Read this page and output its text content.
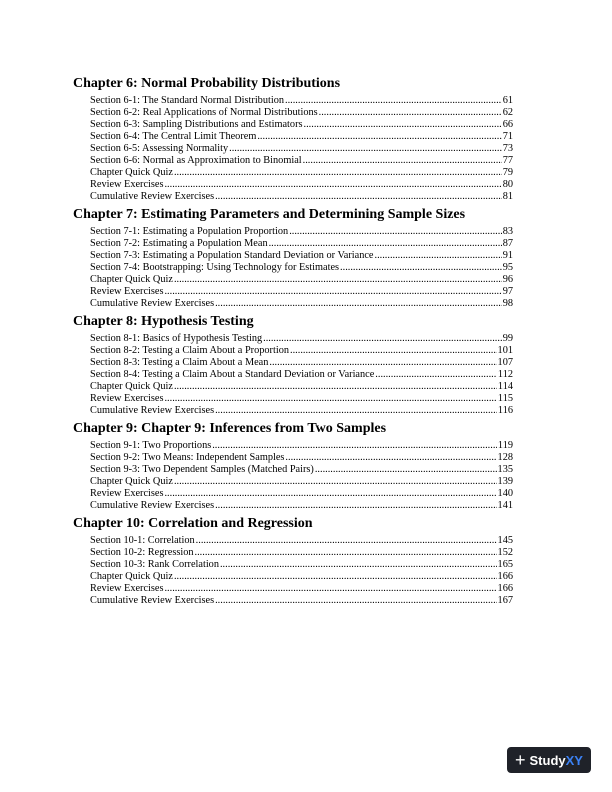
Chapter 6: Normal Probability Distributions
Section 6-1: The Standard Normal Distribution .....	61
Section 6-2: Real Applications of Normal Distributions .....	62
Section 6-3: Sampling Distributions and Estimators .....	66
Section 6-4: The Central Limit Theorem .....	71
Section 6-5: Assessing Normality .....	73
Section 6-6: Normal as Approximation to Binomial .....	77
Chapter Quick Quiz .....	79
Review Exercises .....	80
Cumulative Review Exercises .....	81
Chapter 7: Estimating Parameters and Determining Sample Sizes
Section 7-1: Estimating a Population Proportion .....	83
Section 7-2: Estimating a Population Mean .....	87
Section 7-3: Estimating a Population Standard Deviation or Variance .....	91
Section 7-4: Bootstrapping: Using Technology for Estimates .....	95
Chapter Quick Quiz .....	96
Review Exercises .....	97
Cumulative Review Exercises .....	98
Chapter 8: Hypothesis Testing
Section 8-1: Basics of Hypothesis Testing .....	99
Section 8-2: Testing a Claim About a Proportion .....	101
Section 8-3: Testing a Claim About a Mean .....	107
Section 8-4: Testing a Claim About a Standard Deviation or Variance .....	112
Chapter Quick Quiz .....	114
Review Exercises .....	115
Cumulative Review Exercises .....	116
Chapter 9: Chapter 9: Inferences from Two Samples
Section 9-1: Two Proportions .....	119
Section 9-2: Two Means: Independent Samples .....	128
Section 9-3: Two Dependent Samples (Matched Pairs) .....	135
Chapter Quick Quiz .....	139
Review Exercises .....	140
Cumulative Review Exercises .....	141
Chapter 10: Correlation and Regression
Section 10-1: Correlation .....	145
Section 10-2: Regression .....	152
Section 10-3: Rank Correlation .....	165
Chapter Quick Quiz .....	166
Review Exercises .....	166
Cumulative Review Exercises .....	167
+ Study XY
